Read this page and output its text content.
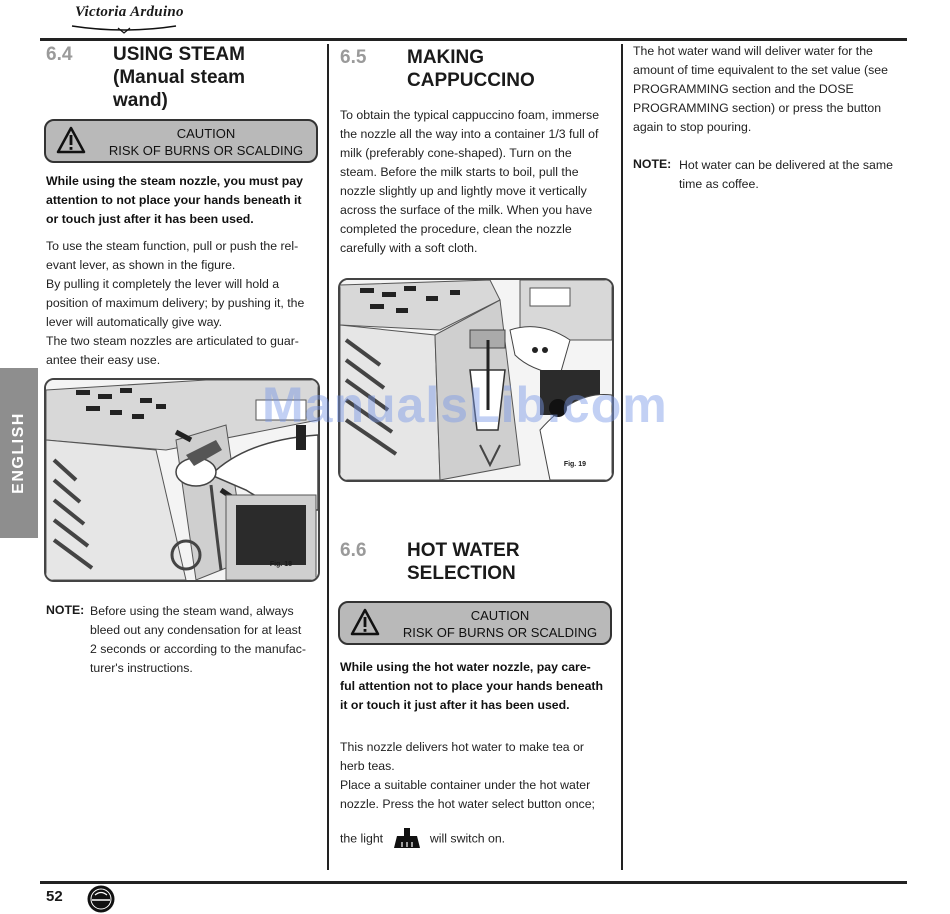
Victoria Arduino
ENGLISH
6.4 USING STEAM
(Manual steam
wand)
CAUTION
RISK OF BURNS OR SCALDING
While using the steam nozzle, you must pay
attention to not place your hands beneath it
or touch just after it has been used.
To use the steam function, pull or push the rel-
evant lever, as shown in the figure.
By pulling it completely the lever will hold a
position of maximum delivery; by pushing it, the
lever will automatically give way.
The two steam nozzles are articulated to guar-
antee their easy use.
Fig. 18
NOTE: Before using the steam wand, always
bleed out any condensation for at least
2 seconds or according to the manufac-
turer's instructions.
6.5 MAKING
CAPPUCCINO
To obtain the typical cappuccino foam, immerse
the nozzle all the way into a container 1/3 full of
milk (preferably cone-shaped). Turn on the
steam. Before the milk starts to boil, pull the
nozzle slightly up and lightly move it vertically
across the surface of the milk. When you have
completed the procedure, clean the nozzle
carefully with a soft cloth.
Fig. 19
6.6 HOT WATER
SELECTION
CAUTION
RISK OF BURNS OR SCALDING
While using the hot water nozzle, pay care-
ful attention not to place your hands beneath
it or touch it just after it has been used.
This nozzle delivers hot water to make tea or
herb teas.
Place a suitable container under the hot water
nozzle. Press the hot water select button once;
the light	will switch on.
The hot water wand will deliver water for the
amount of time equivalent to the set value (see
PROGRAMMING section and the DOSE
PROGRAMMING section) or press the button
again to stop pouring.
NOTE: Hot water can be delivered at the same
time as coffee.
ManualsLib.com
52
